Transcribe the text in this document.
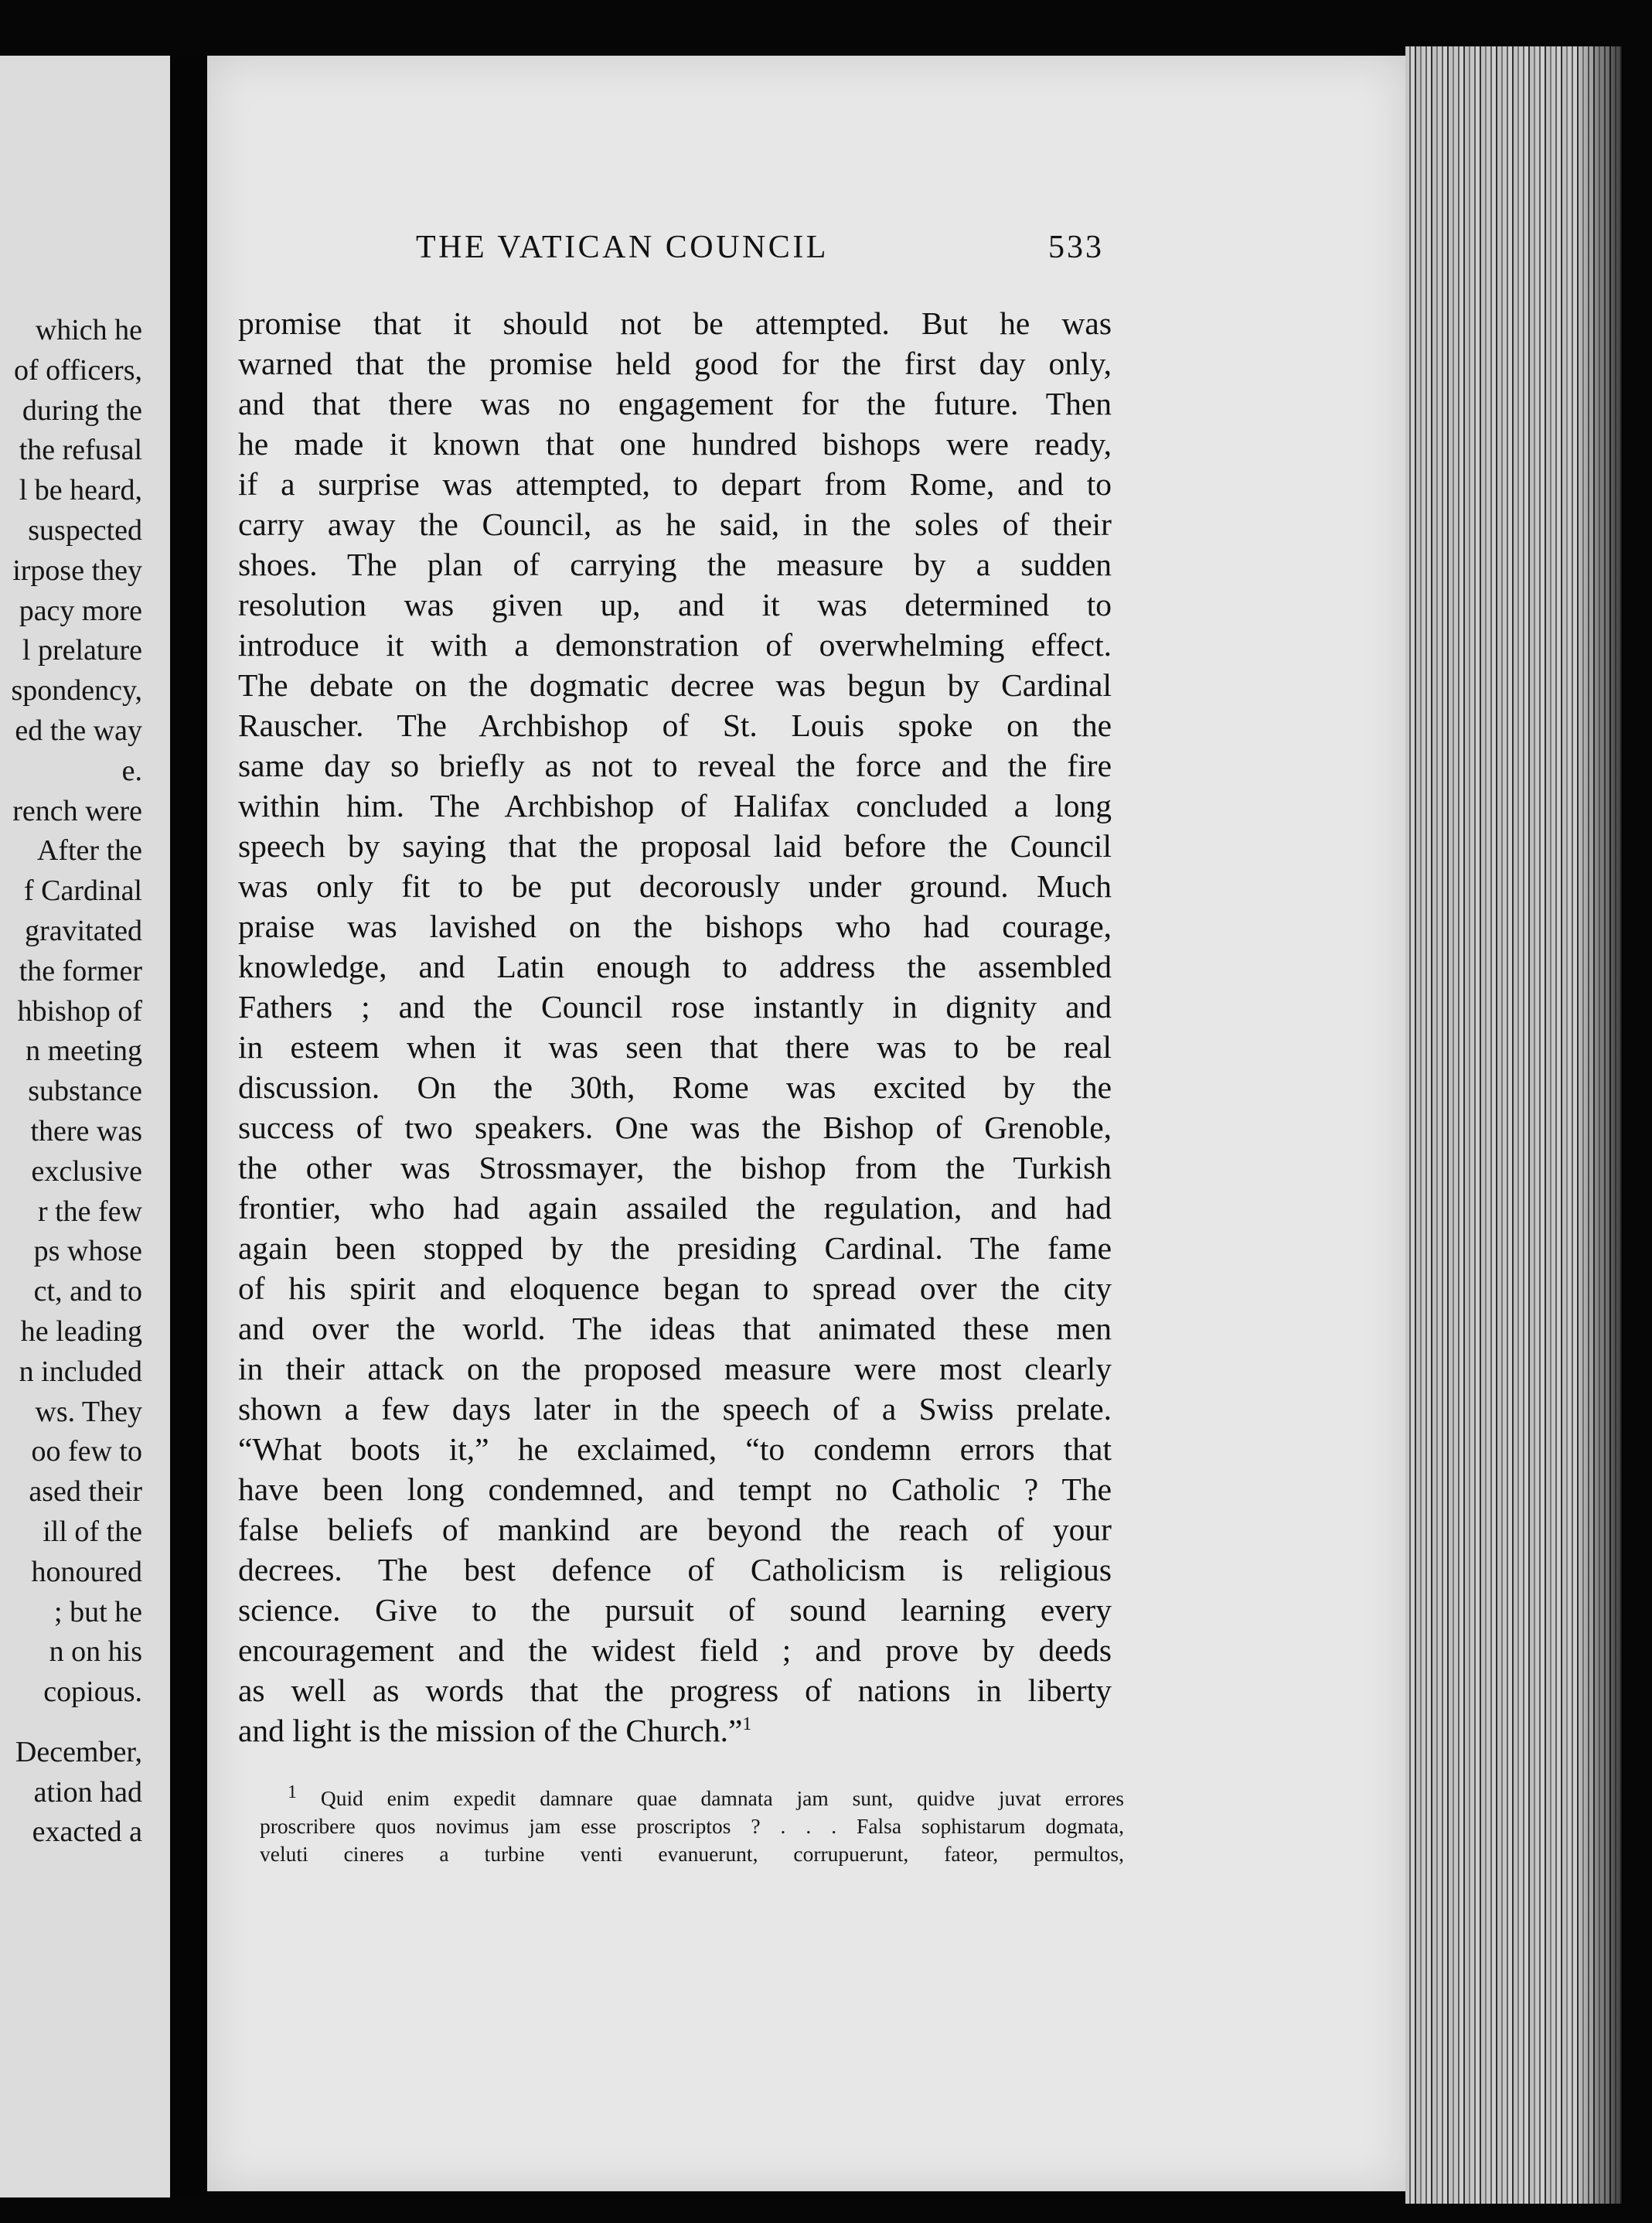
which he
of officers,
during the
the refusal
l be heard,
suspected
irpose they
pacy more
l prelature
spondency,
ed the way
e.
rench were
After the
f Cardinal
gravitated
the former
hbishop of
n meeting
substance
there was
exclusive
r the few
ps whose
ct, and to
he leading
n included
ws. They
oo few to
ased their
ill of the
honoured
; but he
n on his
copious.
December,
ation had
exacted a
THE VATICAN COUNCIL	533
promise that it should not be attempted. But he was
warned that the promise held good for the first day only,
and that there was no engagement for the future. Then
he made it known that one hundred bishops were ready,
if a surprise was attempted, to depart from Rome, and to
carry away the Council, as he said, in the soles of their
shoes. The plan of carrying the measure by a sudden
resolution was given up, and it was determined to
introduce it with a demonstration of overwhelming effect.
The debate on the dogmatic decree was begun by Cardinal
Rauscher. The Archbishop of St. Louis spoke on the
same day so briefly as not to reveal the force and the fire
within him. The Archbishop of Halifax concluded a long
speech by saying that the proposal laid before the Council
was only fit to be put decorously under ground. Much
praise was lavished on the bishops who had courage,
knowledge, and Latin enough to address the assembled
Fathers ; and the Council rose instantly in dignity and
in esteem when it was seen that there was to be real
discussion. On the 30th, Rome was excited by the
success of two speakers. One was the Bishop of Grenoble,
the other was Strossmayer, the bishop from the Turkish
frontier, who had again assailed the regulation, and had
again been stopped by the presiding Cardinal. The fame
of his spirit and eloquence began to spread over the city
and over the world. The ideas that animated these men
in their attack on the proposed measure were most clearly
shown a few days later in the speech of a Swiss prelate.
“What boots it,” he exclaimed, “to condemn errors that
have been long condemned, and tempt no Catholic ? The
false beliefs of mankind are beyond the reach of your
decrees. The best defence of Catholicism is religious
science. Give to the pursuit of sound learning every
encouragement and the widest field ; and prove by deeds
as well as words that the progress of nations in liberty
and light is the mission of the Church.”$^1$
$^1$ Quid enim expedit damnare quae damnata jam sunt, quidve juvat errores
proscribere quos novimus jam esse proscriptos ? . . . Falsa sophistarum dogmata,
veluti cineres a turbine venti evanuerunt, corrupuerunt, fateor, permultos,
